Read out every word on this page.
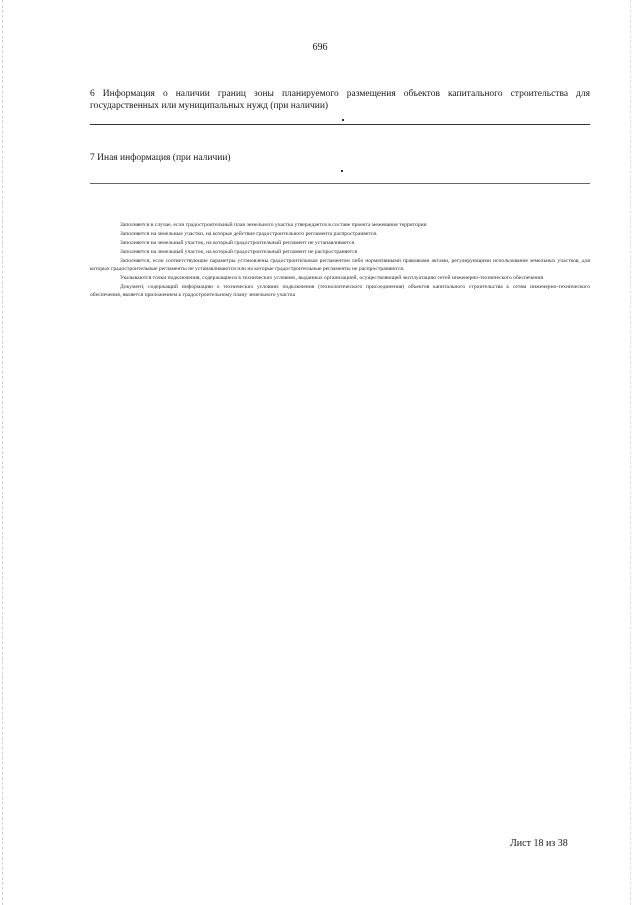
696
6 Информация о наличии границ зоны планируемого размещения объектов капитального строительства для государственных или муниципальных нужд (при наличии)
7 Иная информация (при наличии)

Заполняется в случае, если градостроительный план земельного участка утверждается в составе проекта межевания территории

Заполняется на земельные участки, на которые действие градостроительного регламента распространяется.

Заполняется на земельный участок, на который градостроительный регламент не устанавливается

Заполняется на земельный участок, на который градостроительный регламент не распространяется

Заполняется, если соответствующие параметры установлены градостроительным регламентом либо нормативными правовыми актами, регулирующими использование земельных участков, для которых градостроительные регламенты не устанавливаются или на которые градостроительные регламенты не распространяются.

Указываются точки подключения, содержащиеся в технических условиях, выданных организацией, осуществляющей эксплуатацию сетей инженерно-технического обеспечения

Документ, содержащий информацию о технических условиях подключения (технологического присоединения) объектов капитального строительства к сетям инженерно-технического обеспечения, является приложением к градостроительному плану земельного участка

Лист 18 из 38
